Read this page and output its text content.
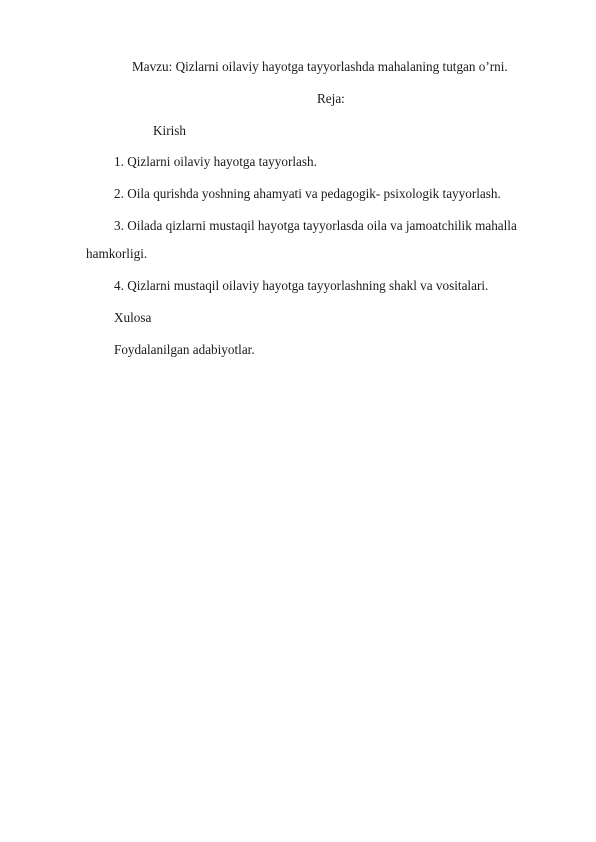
Mavzu: Qizlarni oilaviy hayotga tayyorlashda mahalaning tutgan o’rni.

Reja:

Kirish

1. Qizlarni oilaviy hayotga tayyorlash.

2. Oila qurishda yoshning ahamyati va pedagogik- psixologik tayyorlash.

3. Oilada qizlarni mustaqil hayotga tayyorlasda oila va jamoatchilik mahalla

hamkorligi.

4. Qizlarni mustaqil oilaviy hayotga tayyorlashning shakl va vositalari.

Xulosa

Foydalanilgan adabiyotlar.
